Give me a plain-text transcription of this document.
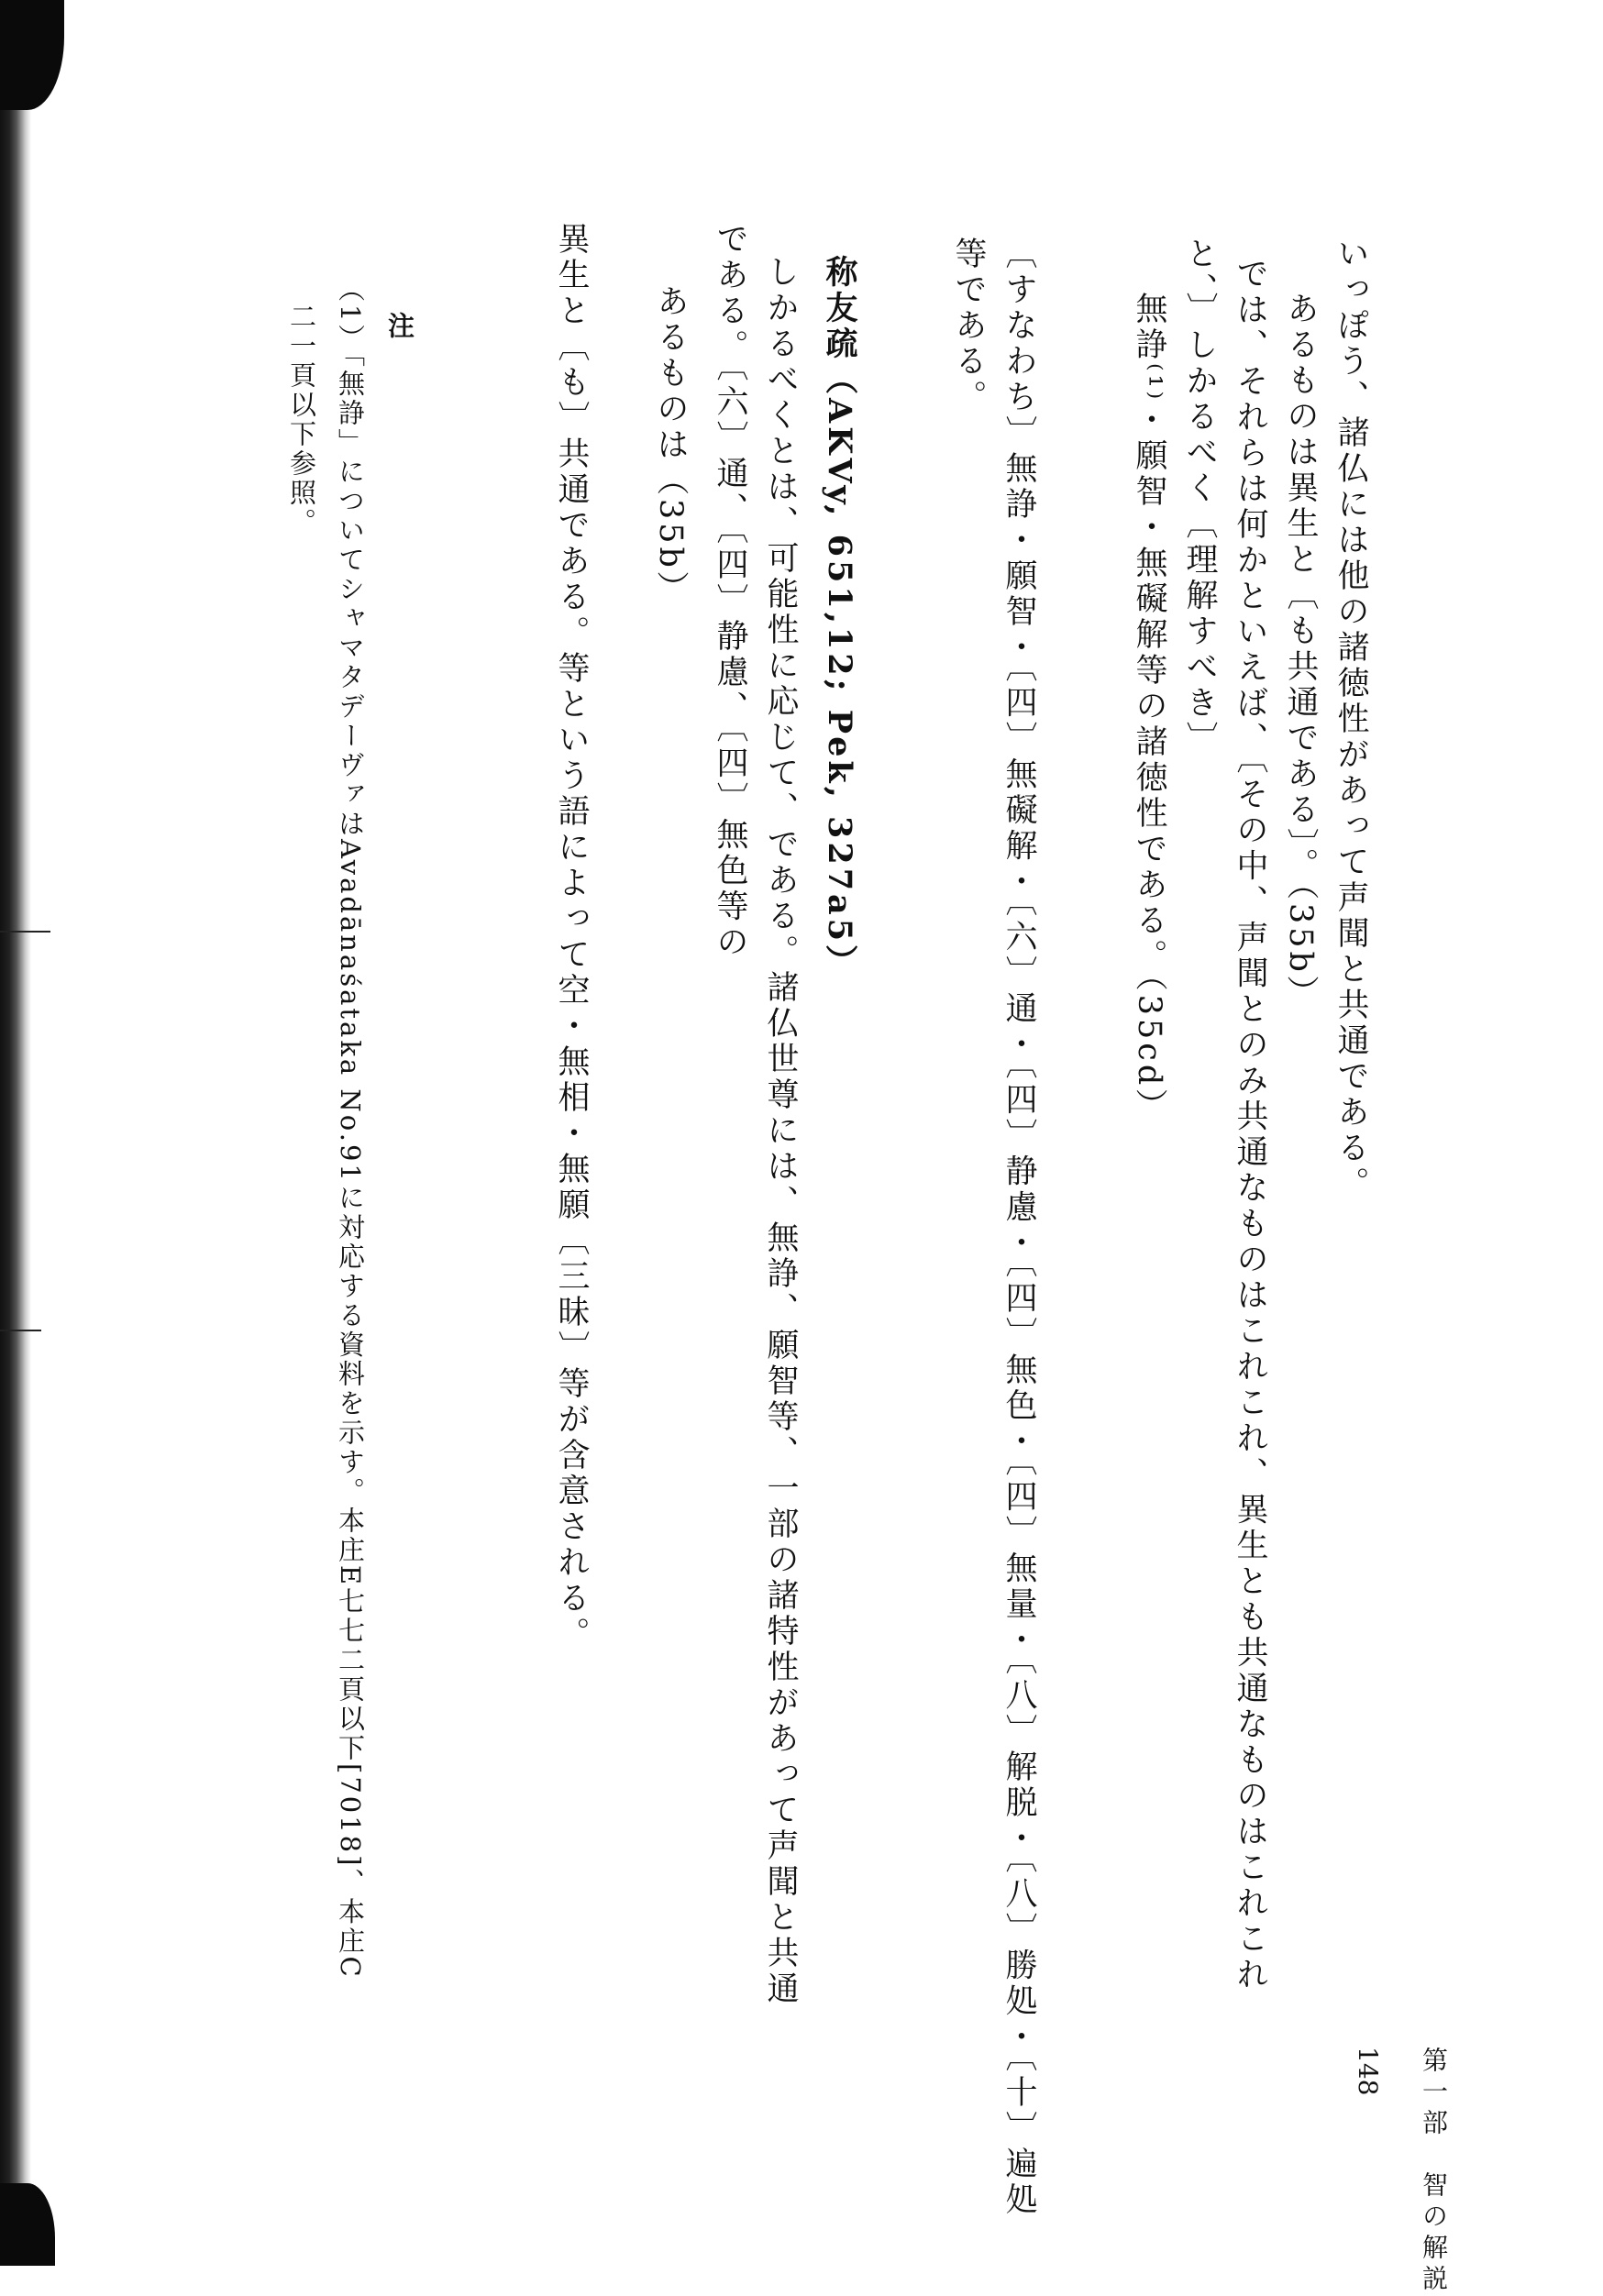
いっぽう、諸仏には他の諸徳性があって声聞と共通である。
あるものは異生と〔も共通である〕。（35b）
では、それらは何かといえば、〔その中、声聞とのみ共通なものはこれこれ、異生とも共通なものはこれこれ
と、〕しかるべく〔理解すべき〕
無諍⁽¹⁾・願智・無礙解等の諸徳性である。（35cd）
〔すなわち〕無諍・願智・〔四〕無礙解・〔六〕通・〔四〕静慮・〔四〕無色・〔四〕無量・〔八〕解脱・〔八〕勝処・〔十〕遍処
等である。
称友疏（AKVy, 651,12; Pek, 327a5）
しかるべくとは、可能性に応じて、である。諸仏世尊には、無諍、願智等、一部の諸特性があって声聞と共通
である。〔六〕通、〔四〕静慮、〔四〕無色等の
あるものは（35b）
異生と〔も〕共通である。等という語によって空・無相・無願〔三昧〕等が含意される。
注
（1）「無諍」についてシャマタデーヴァはAvadānaśataka No.91に対応する資料を示す。本庄E七七二頁以下[7018]、本庄C
二一頁以下参照。
第一部　智の解説
148
